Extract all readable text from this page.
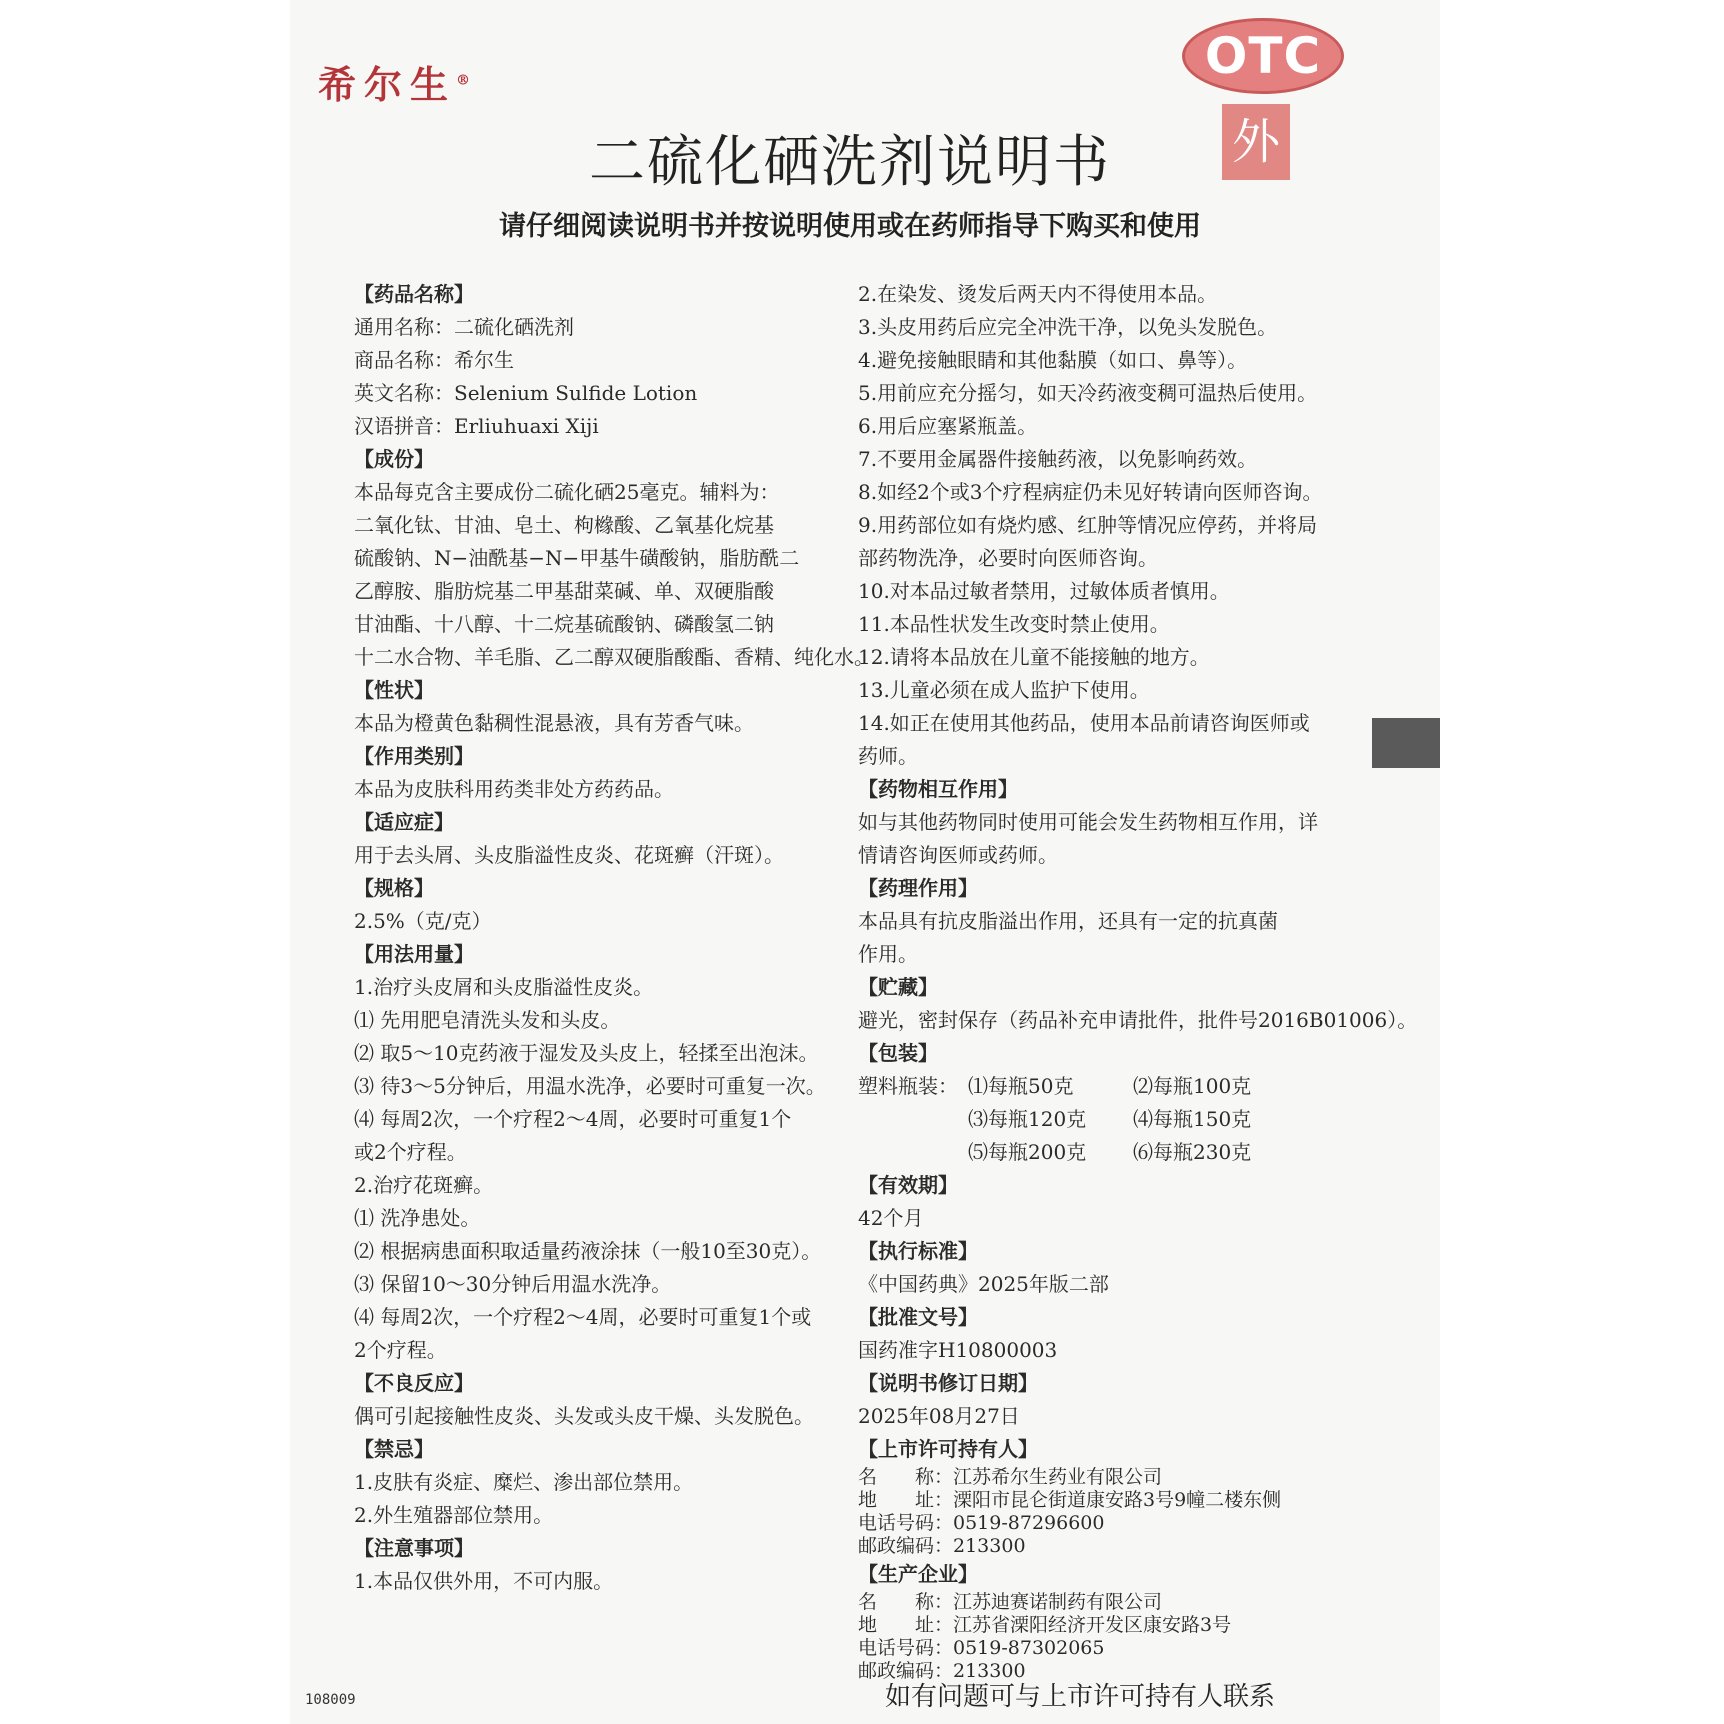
希尔生®	OTC
外
二硫化硒洗剂说明书
请仔细阅读说明书并按说明使用或在药师指导下购买和使用
【药品名称】
通用名称：二硫化硒洗剂
商品名称：希尔生
英文名称：Selenium Sulfide Lotion
汉语拼音：Erliuhuaxi Xiji
【成份】
本品每克含主要成份二硫化硒25毫克。辅料为：
二氧化钛、甘油、皂土、枸橼酸、乙氧基化烷基
硫酸钠、N−油酰基−N−甲基牛磺酸钠，脂肪酰二
乙醇胺、脂肪烷基二甲基甜菜碱、单、双硬脂酸
甘油酯、十八醇、十二烷基硫酸钠、磷酸氢二钠
十二水合物、羊毛脂、乙二醇双硬脂酸酯、香精、纯化水。
【性状】
本品为橙黄色黏稠性混悬液，具有芳香气味。
【作用类别】
本品为皮肤科用药类非处方药药品。
【适应症】
用于去头屑、头皮脂溢性皮炎、花斑癣（汗斑）。
【规格】
2.5%（克/克）
【用法用量】
1.治疗头皮屑和头皮脂溢性皮炎。
⑴ 先用肥皂清洗头发和头皮。
⑵ 取5～10克药液于湿发及头皮上，轻揉至出泡沫。
⑶ 待3～5分钟后，用温水洗净，必要时可重复一次。
⑷ 每周2次，一个疗程2～4周，必要时可重复1个
或2个疗程。
2.治疗花斑癣。
⑴ 洗净患处。
⑵ 根据病患面积取适量药液涂抹（一般10至30克）。
⑶ 保留10～30分钟后用温水洗净。
⑷ 每周2次，一个疗程2～4周，必要时可重复1个或
2个疗程。
【不良反应】
偶可引起接触性皮炎、头发或头皮干燥、头发脱色。
【禁忌】
1.皮肤有炎症、糜烂、渗出部位禁用。
2.外生殖器部位禁用。
【注意事项】
1.本品仅供外用，不可内服。
2.在染发、烫发后两天内不得使用本品。
3.头皮用药后应完全冲洗干净，以免头发脱色。
4.避免接触眼睛和其他黏膜（如口、鼻等）。
5.用前应充分摇匀，如天冷药液变稠可温热后使用。
6.用后应塞紧瓶盖。
7.不要用金属器件接触药液，以免影响药效。
8.如经2个或3个疗程病症仍未见好转请向医师咨询。
9.用药部位如有烧灼感、红肿等情况应停药，并将局
部药物洗净，必要时向医师咨询。
10.对本品过敏者禁用，过敏体质者慎用。
11.本品性状发生改变时禁止使用。
12.请将本品放在儿童不能接触的地方。
13.儿童必须在成人监护下使用。
14.如正在使用其他药品，使用本品前请咨询医师或
药师。
【药物相互作用】
如与其他药物同时使用可能会发生药物相互作用，详
情请咨询医师或药师。
【药理作用】
本品具有抗皮脂溢出作用，还具有一定的抗真菌
作用。
【贮藏】
避光，密封保存（药品补充申请批件，批件号2016B01006）。
【包装】
塑料瓶装： ⑴每瓶50克	⑵每瓶100克
⑶每瓶120克	⑷每瓶150克
⑸每瓶200克	⑹每瓶230克
【有效期】
42个月
【执行标准】
《中国药典》2025年版二部
【批准文号】
国药准字H10800003
【说明书修订日期】
2025年08月27日
【上市许可持有人】
名　　称：江苏希尔生药业有限公司
地　　址：溧阳市昆仑街道康安路3号9幢二楼东侧
电话号码：0519-87296600
邮政编码：213300
【生产企业】
名　　称：江苏迪赛诺制药有限公司
地　　址：江苏省溧阳经济开发区康安路3号
电话号码：0519-87302065
邮政编码：213300
108009	如有问题可与上市许可持有人联系
